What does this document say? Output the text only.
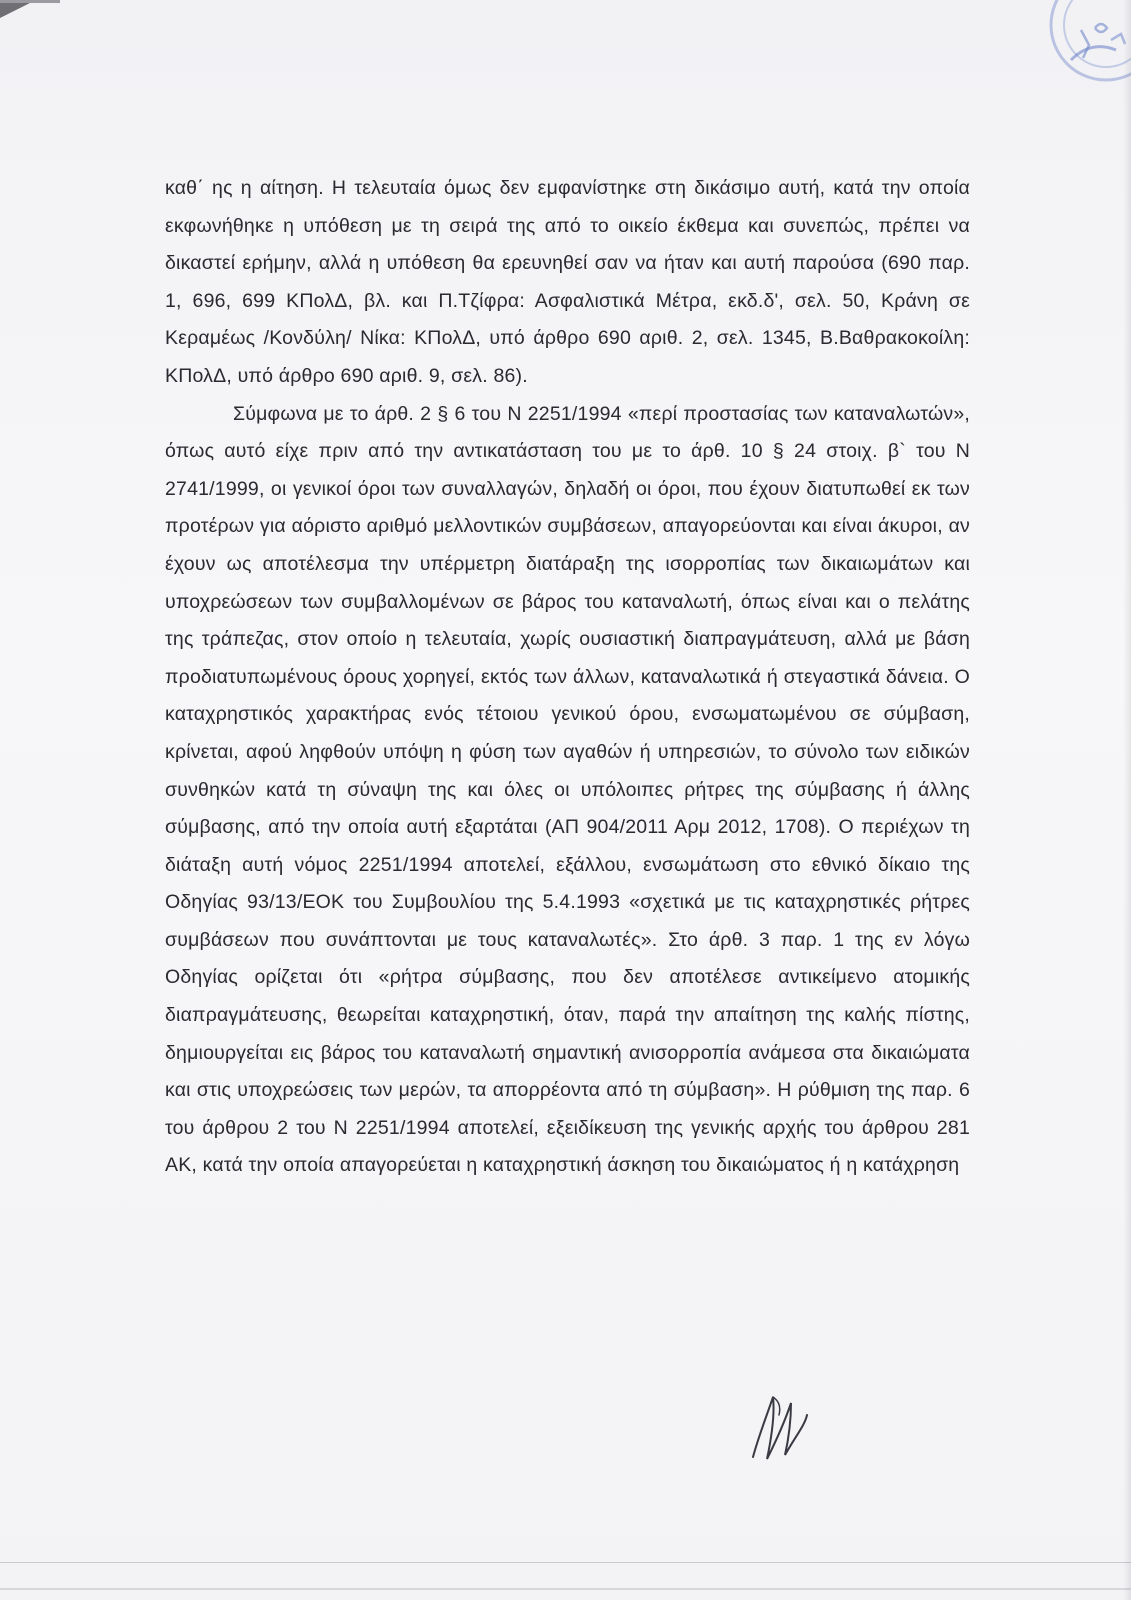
καθ΄ ης η αίτηση. Η τελευταία όμως δεν εμφανίστηκε στη δικάσιμο αυτή, κατά την οποία εκφωνήθηκε η υπόθεση με τη σειρά της από το οικείο έκθεμα και συνεπώς, πρέπει να δικαστεί ερήμην, αλλά η υπόθεση θα ερευνηθεί σαν να ήταν και αυτή παρούσα (690 παρ. 1, 696, 699 ΚΠολΔ, βλ. και Π.Τζίφρα: Ασφαλιστικά Μέτρα, εκδ.δ', σελ. 50, Κράνη σε Κεραμέως /Κονδύλη/ Νίκα: ΚΠολΔ, υπό άρθρο 690 αριθ. 2, σελ. 1345, Β.Βαθρακοκοίλη: ΚΠολΔ, υπό άρθρο 690 αριθ. 9, σελ. 86).

Σύμφωνα με το άρθ. 2 § 6 του Ν 2251/1994 «περί προστασίας των καταναλωτών», όπως αυτό είχε πριν από την αντικατάσταση του με το άρθ. 10 § 24 στοιχ. β` του Ν 2741/1999, οι γενικοί όροι των συναλλαγών, δηλαδή οι όροι, που έχουν διατυπωθεί εκ των προτέρων για αόριστο αριθμό μελλοντικών συμβάσεων, απαγορεύονται και είναι άκυροι, αν έχουν ως αποτέλεσμα την υπέρμετρη διατάραξη της ισορροπίας των δικαιωμάτων και υποχρεώσεων των συμβαλλομένων σε βάρος του καταναλωτή, όπως είναι και ο πελάτης της τράπεζας, στον οποίο η τελευταία, χωρίς ουσιαστική διαπραγμάτευση, αλλά με βάση προδιατυπωμένους όρους χορηγεί, εκτός των άλλων, καταναλωτικά ή στεγαστικά δάνεια. Ο καταχρηστικός χαρακτήρας ενός τέτοιου γενικού όρου, ενσωματωμένου σε σύμβαση, κρίνεται, αφού ληφθούν υπόψη η φύση των αγαθών ή υπηρεσιών, το σύνολο των ειδικών συνθηκών κατά τη σύναψη της και όλες οι υπόλοιπες ρήτρες της σύμβασης ή άλλης σύμβασης, από την οποία αυτή εξαρτάται (ΑΠ 904/2011 Αρμ 2012, 1708). Ο περιέχων τη διάταξη αυτή νόμος 2251/1994 αποτελεί, εξάλλου, ενσωμάτωση στο εθνικό δίκαιο της Οδηγίας 93/13/ΕΟΚ του Συμβουλίου της 5.4.1993 «σχετικά με τις καταχρηστικές ρήτρες συμβάσεων που συνάπτονται με τους καταναλωτές». Στο άρθ. 3 παρ. 1 της εν λόγω Οδηγίας ορίζεται ότι «ρήτρα σύμβασης, που δεν αποτέλεσε αντικείμενο ατομικής διαπραγμάτευσης, θεωρείται καταχρηστική, όταν, παρά την απαίτηση της καλής πίστης, δημιουργείται εις βάρος του καταναλωτή σημαντική ανισορροπία ανάμεσα στα δικαιώματα και στις υποχρεώσεις των μερών, τα απορρέοντα από τη σύμβαση». Η ρύθμιση της παρ. 6 του άρθρου 2 του Ν 2251/1994 αποτελεί, εξειδίκευση της γενικής αρχής του άρθρου 281 ΑΚ, κατά την οποία απαγορεύεται η καταχρηστική άσκηση του δικαιώματος ή η κατάχρηση
